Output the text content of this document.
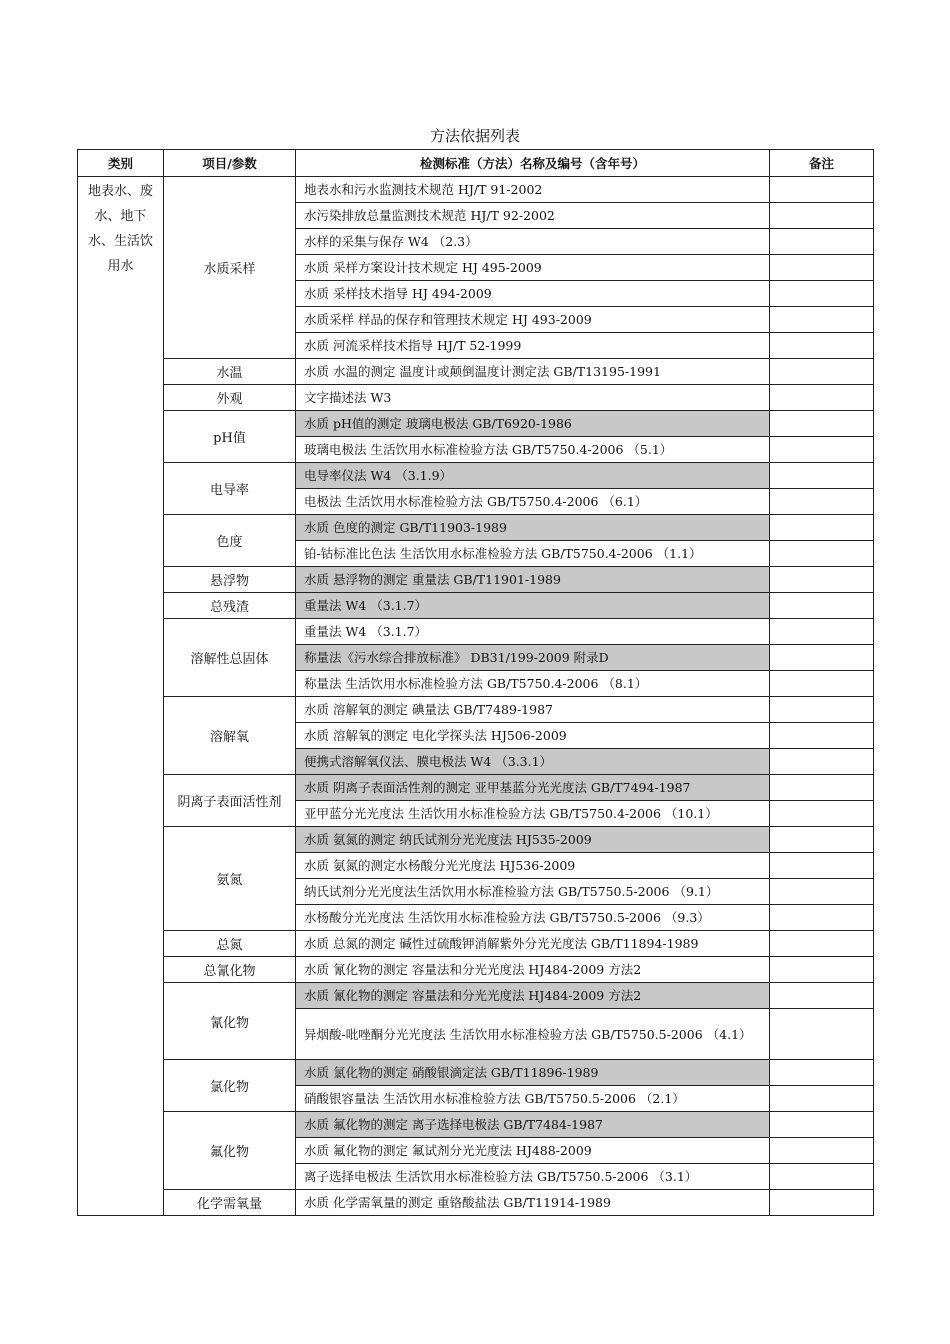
方法依据列表
类别	项目/参数	检测标准（方法）名称及编号（含年号）	备注
地表水、废水、地下水、生活饮用水	水质采样	地表水和污水监测技术规范 HJ/T 91-2002	

		水污染排放总量监测技术规范 HJ/T 92-2002	

		水样的采集与保存 W4 （2.3）	

		水质 采样方案设计技术规定 HJ 495-2009	

		水质 采样技术指导 HJ 494-2009	

		水质采样 样品的保存和管理技术规定 HJ 493-2009	

		水质 河流采样技术指导 HJ/T 52-1999	

	水温	水质 水温的测定 温度计或颠倒温度计测定法 GB/T13195-1991	

	外观	文字描述法 W3	

	pH值	水质 pH值的测定 玻璃电极法 GB/T6920-1986	

		玻璃电极法 生活饮用水标准检验方法 GB/T5750.4-2006 （5.1）	

	电导率	电导率仪法 W4 （3.1.9）	

		电极法 生活饮用水标准检验方法 GB/T5750.4-2006 （6.1）	

	色度	水质 色度的测定 GB/T11903-1989	

		铂-钴标准比色法 生活饮用水标准检验方法 GB/T5750.4-2006 （1.1）	

	悬浮物	水质 悬浮物的测定 重量法 GB/T11901-1989	

	总残渣	重量法 W4 （3.1.7）	

	溶解性总固体	重量法 W4 （3.1.7）	

		称量法《污水综合排放标准》 DB31/199-2009 附录D	

		称量法 生活饮用水标准检验方法 GB/T5750.4-2006 （8.1）	

	溶解氧	水质 溶解氧的测定 碘量法 GB/T7489-1987	

		水质 溶解氧的测定 电化学探头法 HJ506-2009	

		便携式溶解氧仪法、膜电极法 W4 （3.3.1）	

	阴离子表面活性剂	水质 阴离子表面活性剂的测定 亚甲基蓝分光光度法 GB/T7494-1987	

		亚甲蓝分光光度法 生活饮用水标准检验方法 GB/T5750.4-2006 （10.1）	

	氨氮	水质 氨氮的测定 纳氏试剂分光光度法 HJ535-2009	

		水质 氨氮的测定水杨酸分光光度法 HJ536-2009	

		纳氏试剂分光光度法生活饮用水标准检验方法 GB/T5750.5-2006 （9.1）	

		水杨酸分光光度法 生活饮用水标准检验方法 GB/T5750.5-2006 （9.3）	

	总氮	水质 总氮的测定 碱性过硫酸钾消解紫外分光光度法 GB/T11894-1989	

	总氰化物	水质 氰化物的测定 容量法和分光光度法 HJ484-2009 方法2	

	氰化物	水质 氰化物的测定 容量法和分光光度法 HJ484-2009 方法2	

		异烟酸-吡唑酮分光光度法 生活饮用水标准检验方法 GB/T5750.5-2006 （4.1）	

	氯化物	水质 氯化物的测定 硝酸银滴定法 GB/T11896-1989	

		硝酸银容量法 生活饮用水标准检验方法 GB/T5750.5-2006 （2.1）	

	氟化物	水质 氟化物的测定 离子选择电极法 GB/T7484-1987	

		水质 氟化物的测定 氟试剂分光光度法 HJ488-2009	

		离子选择电极法 生活饮用水标准检验方法 GB/T5750.5-2006 （3.1）	

	化学需氧量	水质 化学需氧量的测定 重铬酸盐法 GB/T11914-1989	
